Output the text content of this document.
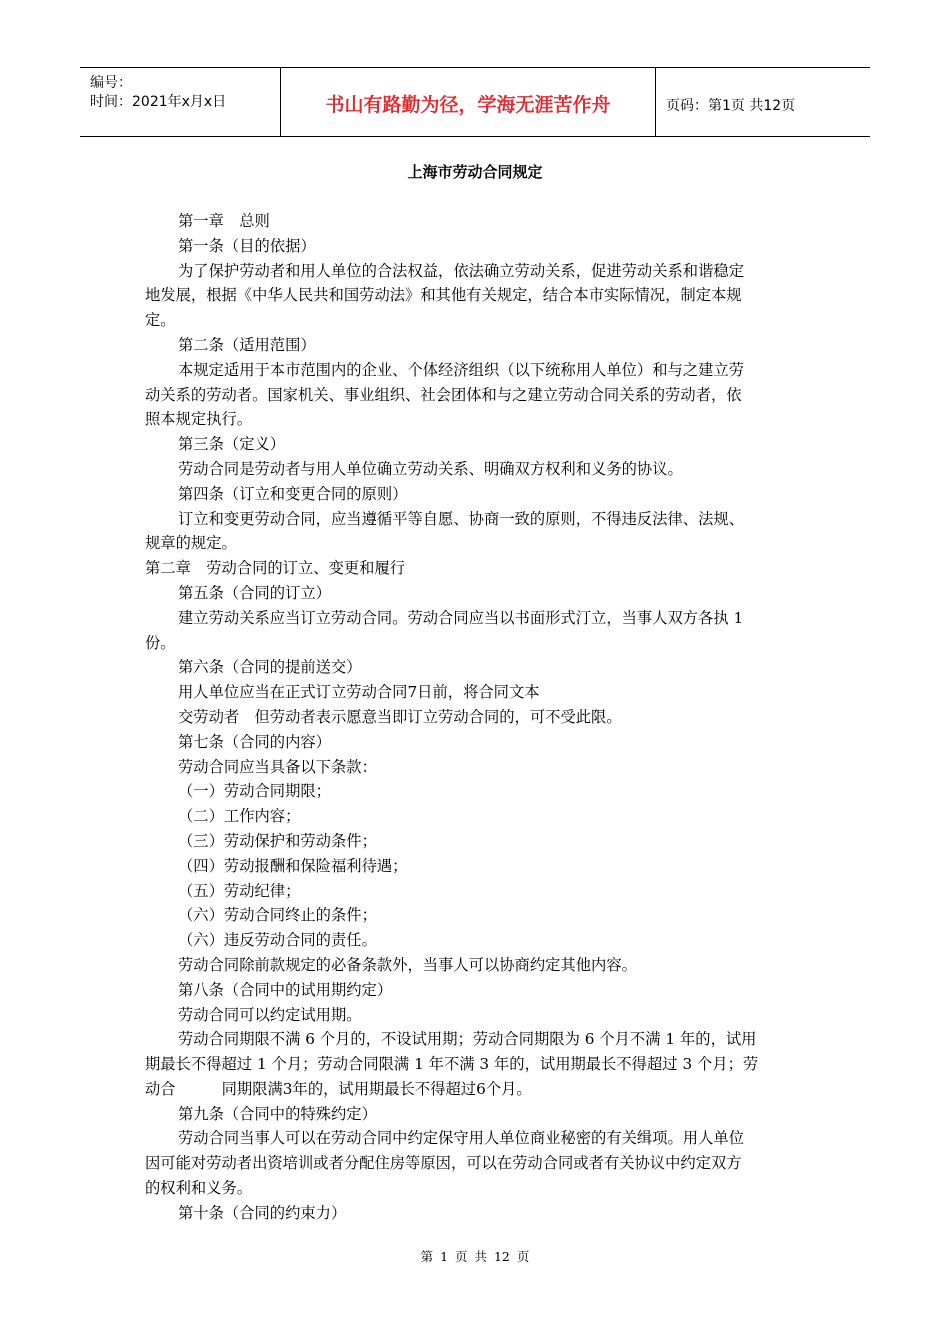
编号：
时间：2021年x月x日	书山有路勤为径，学海无涯苦作舟	页码：第1页 共12页
上海市劳动合同规定
第一章　总则
第一条（目的依据）
为了保护劳动者和用人单位的合法权益，依法确立劳动关系，促进劳动关系和谐稳定
地发展，根据《中华人民共和国劳动法》和其他有关规定，结合本市实际情况，制定本规
定。
第二条（适用范围）
本规定适用于本市范围内的企业、个体经济组织（以下统称用人单位）和与之建立劳
动关系的劳动者。国家机关、事业组织、社会团体和与之建立劳动合同关系的劳动者，依
照本规定执行。
第三条（定义）
劳动合同是劳动者与用人单位确立劳动关系、明确双方权利和义务的协议。
第四条（订立和变更合同的原则）
订立和变更劳动合同，应当遵循平等自愿、协商一致的原则，不得违反法律、法规、
规章的规定。
第二章　劳动合同的订立、变更和履行
第五条（合同的订立）
建立劳动关系应当订立劳动合同。劳动合同应当以书面形式汀立，当事人双方各执 1
份。
第六条（合同的提前送交）
用人单位应当在正式订立劳动合同7日前，将合同文本
交劳动者　但劳动者表示愿意当即订立劳动合同的，可不受此限。
第七条（合同的内容）
劳动合同应当具备以下条款：
（一）劳动合同期限；
（二）工作内容；
（三）劳动保护和劳动条件；
（四）劳动报酬和保险福利待遇；
（五）劳动纪律；
（六）劳动合同终止的条件；
（六）违反劳动合同的责任。
劳动合同除前款规定的必备条款外，当事人可以协商约定其他内容。
第八条（合同中的试用期约定）
劳动合同可以约定试用期。
劳动合同期限不满 6 个月的，不设试用期；劳动合同期限为 6 个月不满 1 年的，试用
期最长不得超过 1 个月；劳动合同限满 1 年不满 3 年的，试用期最长不得超过 3 个月；劳
动合	同期限满3年的，试用期最长不得超过6个月。
第九条（合同中的特殊约定）
劳动合同当事人可以在劳动合同中约定保守用人单位商业秘密的有关缉项。用人单位
因可能对劳动者出资培训或者分配住房等原因，可以在劳动合同或者有关协议中约定双方
的权利和义务。
第十条（合同的约束力）
第 1 页 共 12 页
